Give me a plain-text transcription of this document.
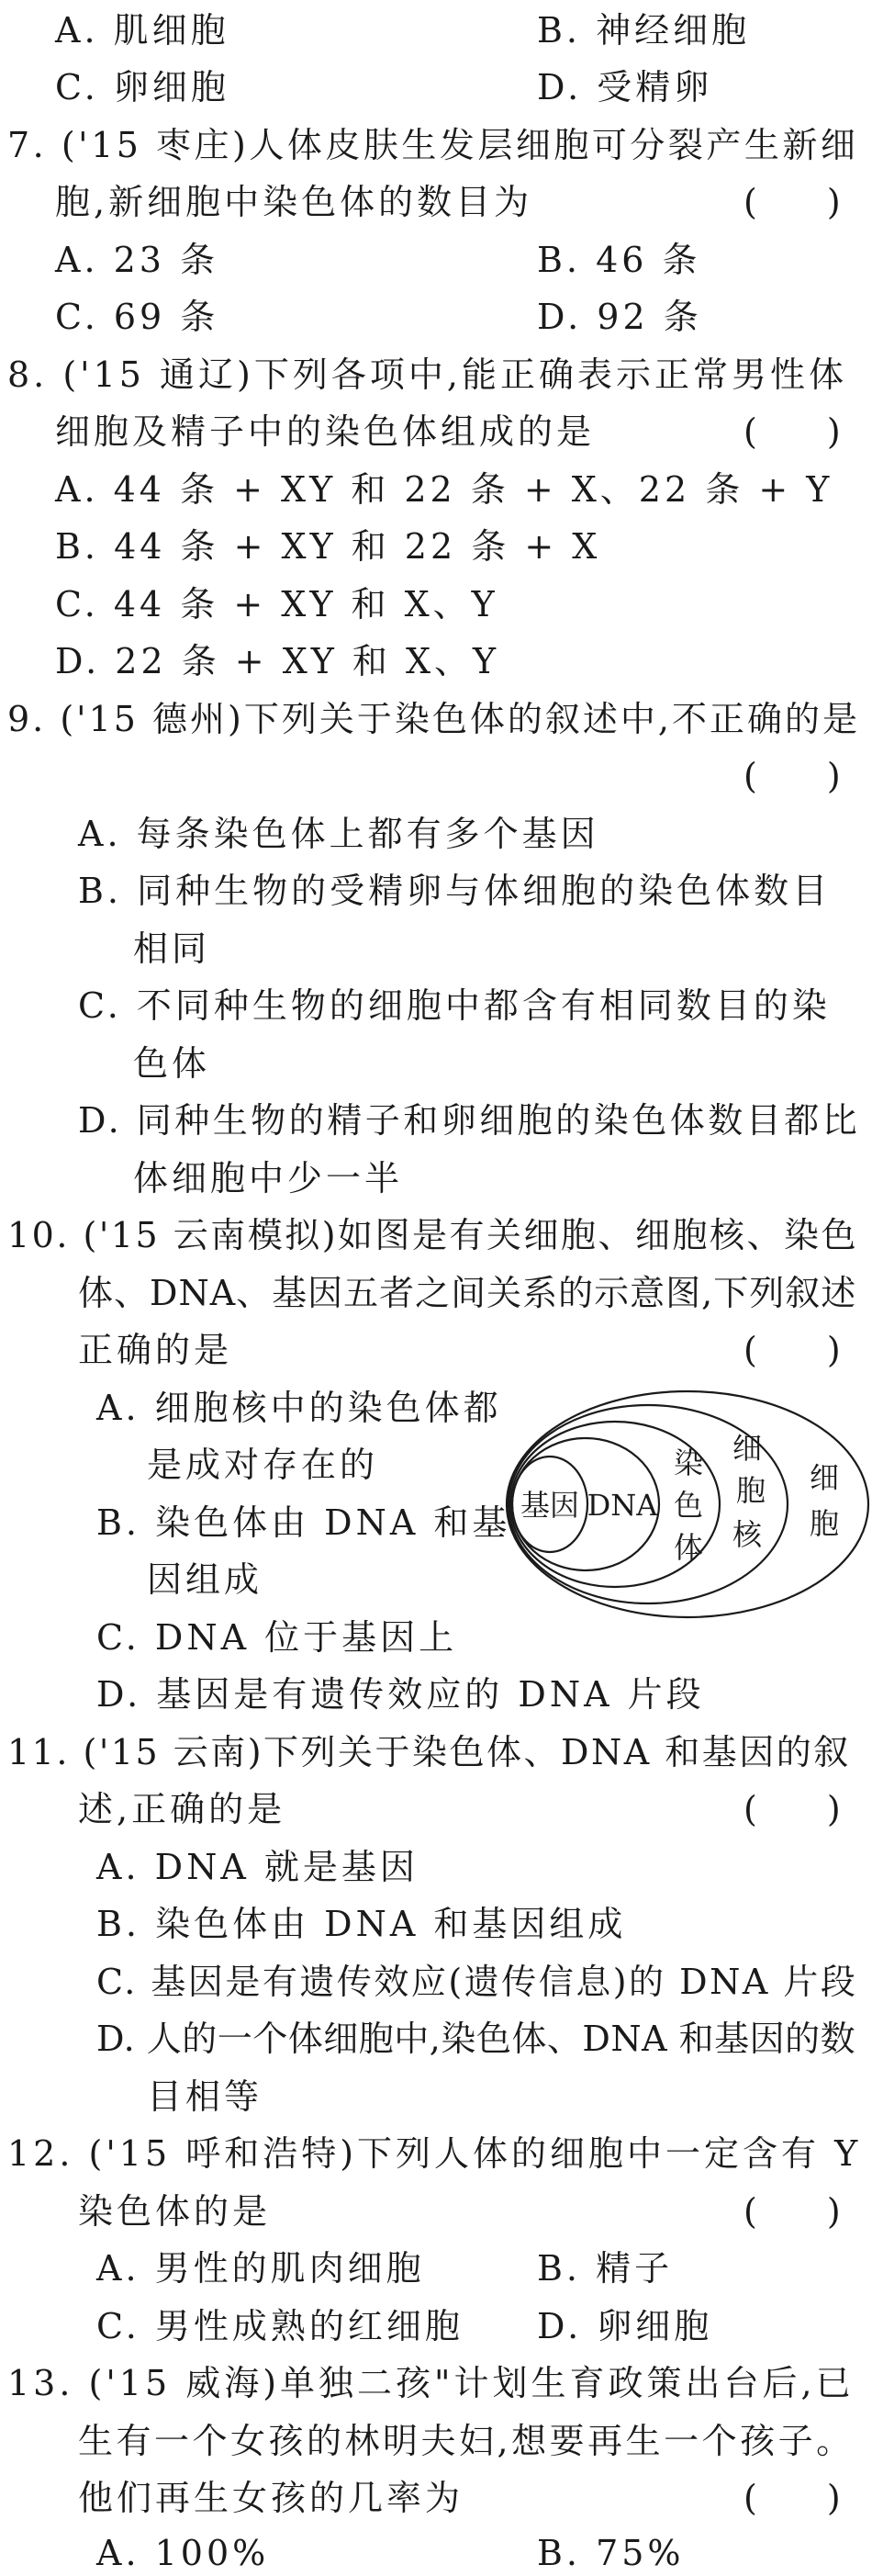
A. 肌细胞	B. 神经细胞
C. 卵细胞	D. 受精卵
7. ('15 枣庄)人体皮肤生发层细胞可分裂产生新细
胞,新细胞中染色体的数目为	(　　)
A. 23 条	B. 46 条
C. 69 条	D. 92 条
8. ('15 通辽)下列各项中,能正确表示正常男性体
细胞及精子中的染色体组成的是	(　　)
A. 44 条 + XY 和 22 条 + X、22 条 + Y
B. 44 条 + XY 和 22 条 + X
C. 44 条 + XY 和 X、Y
D. 22 条 + XY 和 X、Y
9. ('15 德州)下列关于染色体的叙述中,不正确的是
(　　)
A. 每条染色体上都有多个基因
B. 同种生物的受精卵与体细胞的染色体数目
相同
C. 不同种生物的细胞中都含有相同数目的染
色体
D. 同种生物的精子和卵细胞的染色体数目都比
体细胞中少一半
10. ('15 云南模拟)如图是有关细胞、细胞核、染色
体、DNA、基因五者之间关系的示意图,下列叙述
正确的是	(　　)
A. 细胞核中的染色体都
是成对存在的
B. 染色体由 DNA 和基
因组成
C. DNA 位于基因上
D. 基因是有遗传效应的 DNA 片段
基因 DNA
染
色
体
细
胞
核
细
胞
11. ('15 云南)下列关于染色体、DNA 和基因的叙
述,正确的是	(　　)
A. DNA 就是基因
B. 染色体由 DNA 和基因组成
C. 基因是有遗传效应(遗传信息)的 DNA 片段
D. 人的一个体细胞中,染色体、DNA 和基因的数
目相等
12. ('15 呼和浩特)下列人体的细胞中一定含有 Y
染色体的是	(　　)
A. 男性的肌肉细胞	B. 精子
C. 男性成熟的红细胞 D. 卵细胞
13. ('15 威海)单独二孩"计划生育政策出台后,已
生有一个女孩的林明夫妇,想要再生一个孩子。
他们再生女孩的几率为	(　　)
A. 100%	B. 75%
